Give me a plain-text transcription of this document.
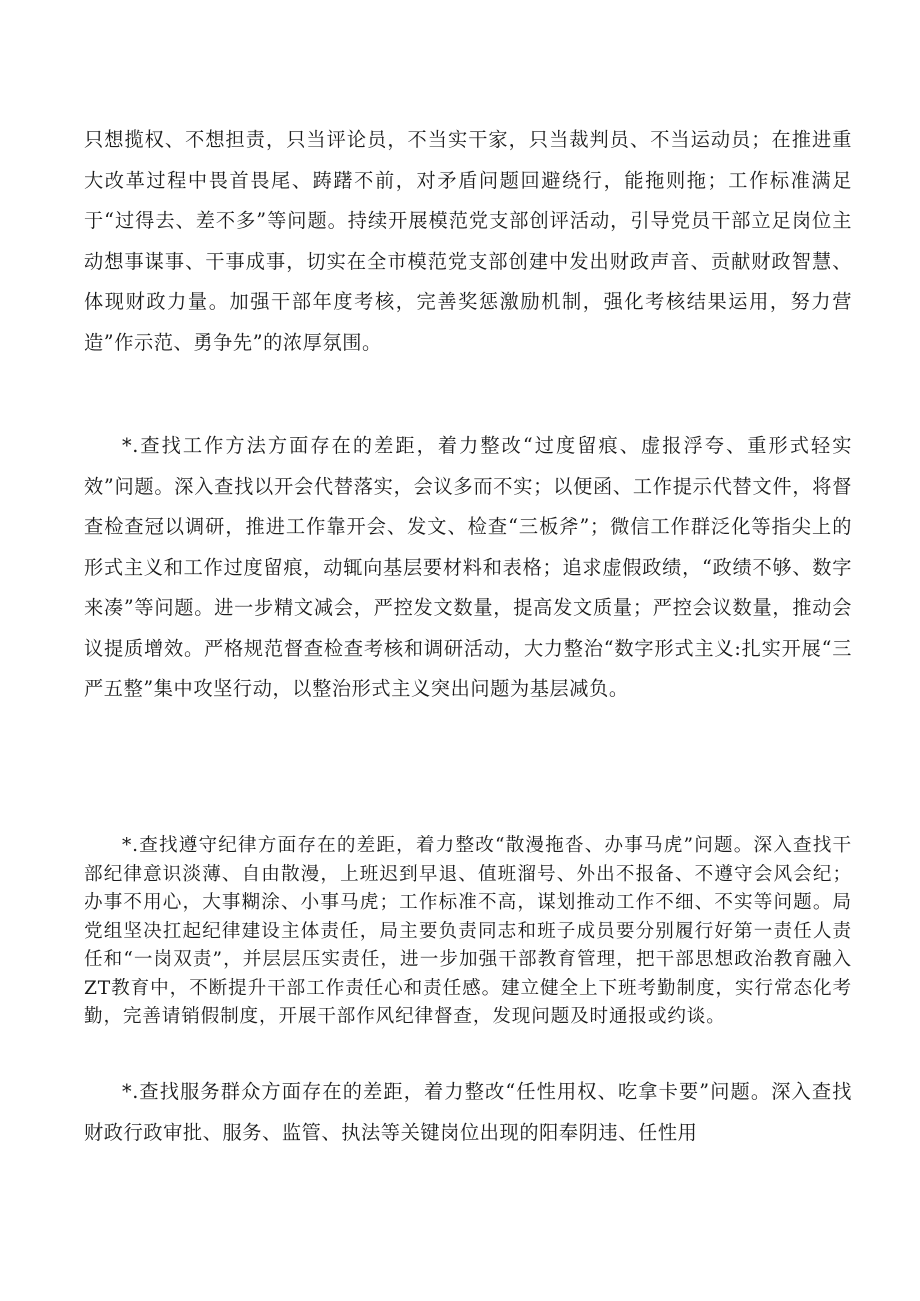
只想揽权、不想担责，只当评论员，不当实干家，只当裁判员、不当运动员；在推进重大改革过程中畏首畏尾、踌躇不前，对矛盾问题回避绕行，能拖则拖；工作标准满足于“过得去、差不多”等问题。持续开展模范党支部创评活动，引导党员干部立足岗位主动想事谋事、干事成事，切实在全市模范党支部创建中发出财政声音、贡献财政智慧、体现财政力量。加强干部年度考核，完善奖惩激励机制，强化考核结果运用，努力营造”作示范、勇争先”的浓厚氛围。

*.查找工作方法方面存在的差距，着力整改“过度留痕、虚报浮夸、重形式轻实效”问题。深入查找以开会代替落实，会议多而不实；以便函、工作提示代替文件，将督查检查冠以调研，推进工作靠开会、发文、检查“三板斧”；微信工作群泛化等指尖上的形式主义和工作过度留痕，动辄向基层要材料和表格；追求虚假政绩，“政绩不够、数字来凑”等问题。进一步精文减会，严控发文数量，提高发文质量；严控会议数量，推动会议提质增效。严格规范督查检查考核和调研活动，大力整治“数字形式主义:扎实开展“三严五整”集中攻坚行动，以整治形式主义突出问题为基层减负。

*.查找遵守纪律方面存在的差距，着力整改“散漫拖沓、办事马虎”问题。深入查找干部纪律意识淡薄、自由散漫，上班迟到早退、值班溜号、外出不报备、不遵守会风会纪；办事不用心，大事糊涂、小事马虎；工作标准不高，谋划推动工作不细、不实等问题。局党组坚决扛起纪律建设主体责任，局主要负责同志和班子成员要分别履行好第一责任人责任和“一岗双责”，并层层压实责任，进一步加强干部教育管理，把干部思想政治教育融入ZT教育中，不断提升干部工作责任心和责任感。建立健全上下班考勤制度，实行常态化考勤，完善请销假制度，开展干部作风纪律督查，发现问题及时通报或约谈。

*.查找服务群众方面存在的差距，着力整改“任性用权、吃拿卡要”问题。深入查找财政行政审批、服务、监管、执法等关键岗位出现的阳奉阴违、任性用
